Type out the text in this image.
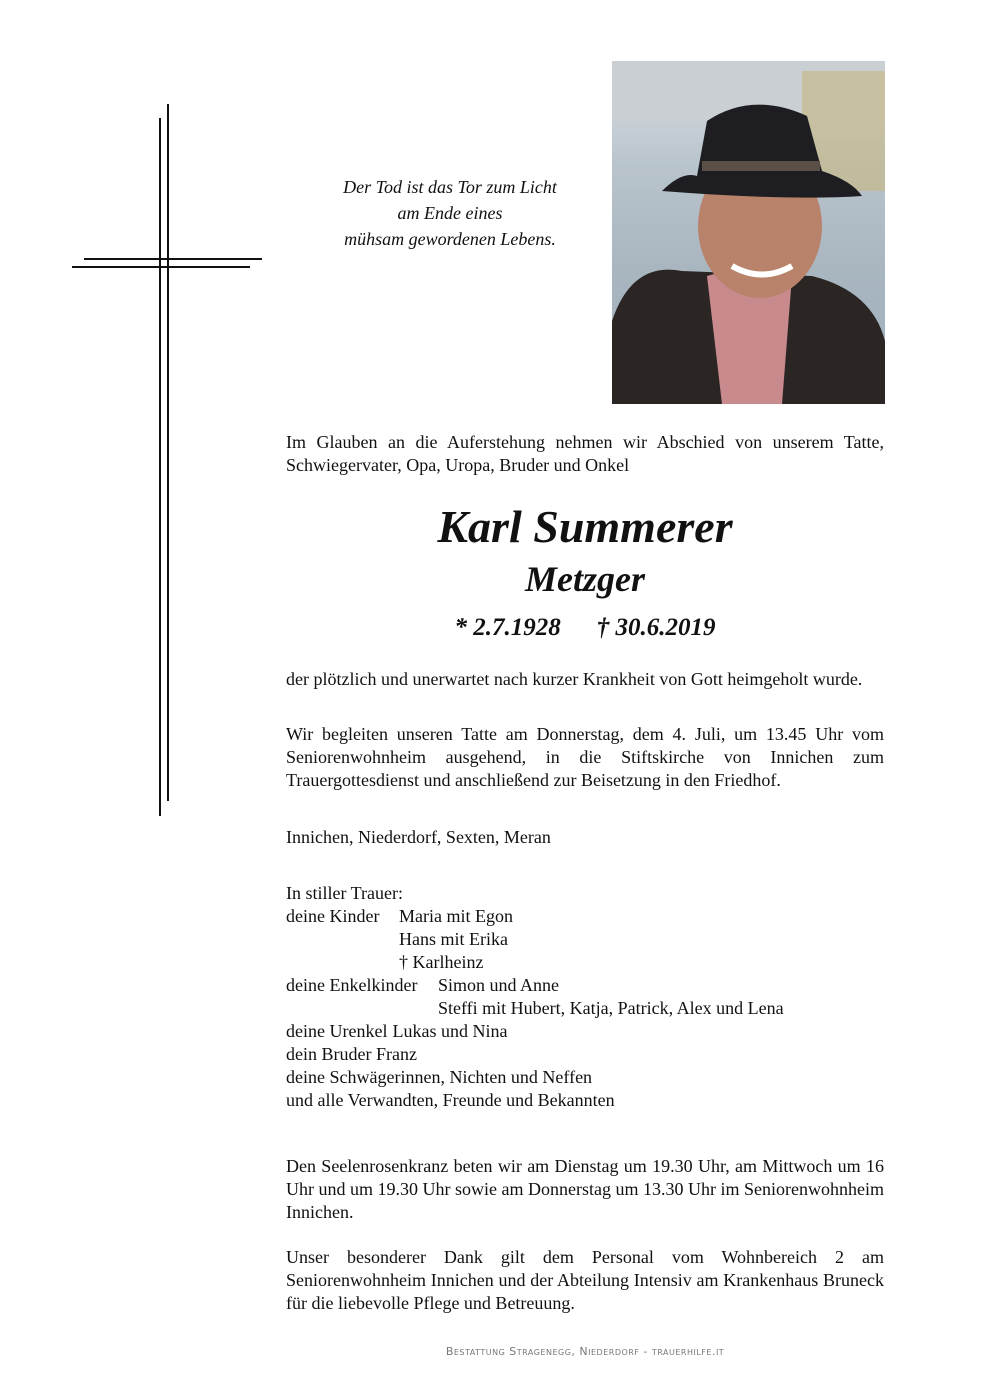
Der Tod ist das Tor zum Licht
am Ende eines
mühsam gewordenen Lebens.
Im Glauben an die Auferstehung nehmen wir Abschied von unserem Tatte, Schwiegervater, Opa, Uropa, Bruder und Onkel
Karl Summerer
Metzger
* 2.7.1928 † 30.6.2019
der plötzlich und unerwartet nach kurzer Krankheit von Gott heimgeholt wurde.
Wir begleiten unseren Tatte am Donnerstag, dem 4. Juli, um 13.45 Uhr vom Seniorenwohnheim ausgehend, in die Stiftskirche von Innichen zum Trauergottesdienst und anschließend zur Beisetzung in den Friedhof.
Innichen, Niederdorf, Sexten, Meran
In stiller Trauer:
deine Kinder	Maria mit Egon
Hans mit Erika
† Karlheinz
deine Enkelkinder	Simon und Anne
Steffi mit Hubert, Katja, Patrick, Alex und Lena
deine Urenkel Lukas und Nina
dein Bruder Franz
deine Schwägerinnen, Nichten und Neffen
und alle Verwandten, Freunde und Bekannten
Den Seelenrosenkranz beten wir am Dienstag um 19.30 Uhr, am Mittwoch um 16 Uhr und um 19.30 Uhr sowie am Donnerstag um 13.30 Uhr im Seniorenwohnheim Innichen.
Unser besonderer Dank gilt dem Personal vom Wohnbereich 2 am Seniorenwohnheim Innichen und der Abteilung Intensiv am Krankenhaus Bruneck für die liebevolle Pflege und Betreuung.
Bestattung Stragenegg, Niederdorf - trauerhilfe.it
